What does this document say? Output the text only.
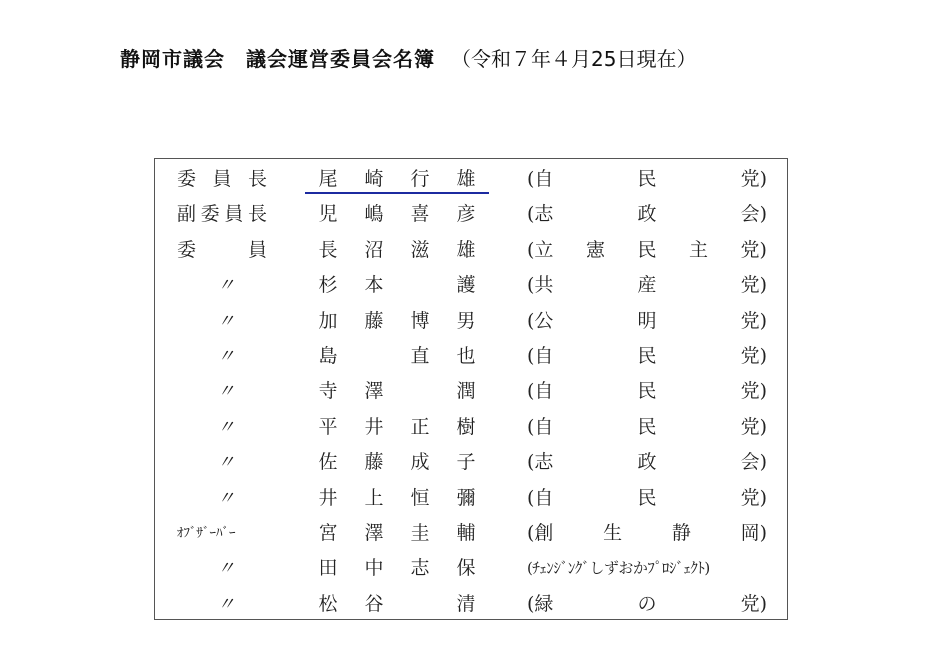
静岡市議会　議会運営委員会名簿 （令和７年４月25日現在）
委 員 長	尾 崎 行 雄	(自	民	党)
副 委 員 長	児 嶋 喜 彦	(志	政	会)
委	員	長 沼 滋 雄	(立 憲 民 主 党)
〃	杉 本	護	(共	産	党)
〃	加 藤 博 男	(公	明	党)
〃	島	直 也	(自	民	党)
〃	寺 澤	潤	(自	民	党)
〃	平 井 正 樹	(自	民	党)
〃	佐 藤 成 子	(志	政	会)
〃	井 上 恒 彌	(自	民	党)
ｵﾌﾞｻﾞｰﾊﾞｰ	宮 澤 圭 輔	(創	生	静	岡)
〃	田 中 志 保	(ﾁｪﾝｼﾞﾝｸﾞしずおかﾌﾟﾛｼﾞｪｸﾄ)
〃	松 谷	清	(緑	の	党)
